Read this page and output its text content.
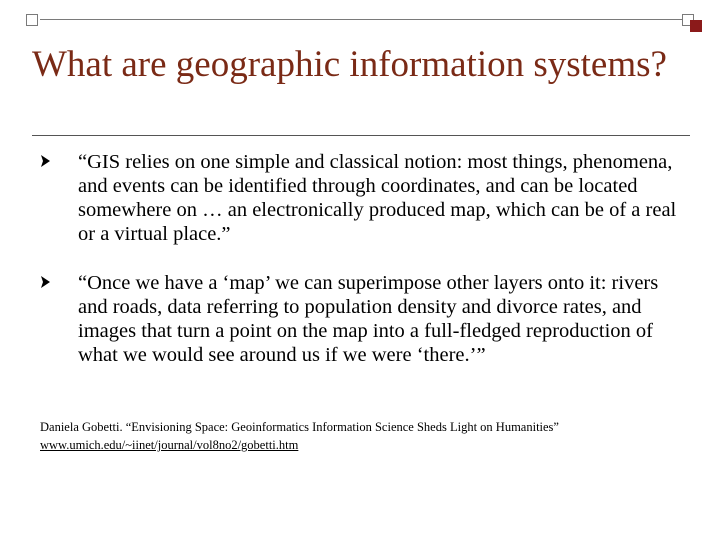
What are geographic information systems?

“GIS relies on one simple and classical notion: most things, phenomena, and events can be identified through coordinates, and can be located somewhere on … an electronically produced map, which can be of a real or a virtual place.”

“Once we have a ‘map’ we can superimpose other layers onto it: rivers and roads, data referring to population density and divorce rates, and images that turn a point on the map into a full-fledged reproduction of what we would see around us if we were ‘there.’”

Daniela Gobetti. “Envisioning Space: Geoinformatics Information Science Sheds Light on Humanities”
www.umich.edu/~iinet/journal/vol8no2/gobetti.htm
